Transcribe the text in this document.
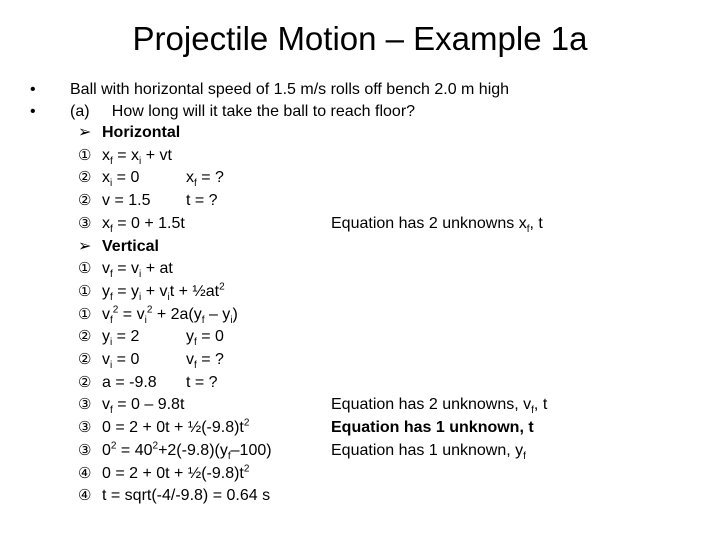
Projectile Motion – Example 1a
• Ball with horizontal speed of 1.5 m/s rolls off bench 2.0 m high
• (a)     How long will it take the ball to reach floor?
➢ Horizontal
① $x_f = x_i$ + vt
② $x_i = 0$	$x_f$ = ?
② v = 1.5 t = ?
③ $x_f = 0 + 1.5t$	Equation has 2 unknowns $x_f$, t
➢ Vertical
① $v_f = v_i$ + at
① $y_f = y_i + v_it$ + $\frac{1}{2}at^2$
① $v_f^2 = v_i^2 + 2a(y_f - y_i)$
② $y_i = 2$	$y_f = 0$
② $v_i = 0$	$v_f$ = ?
② a = -9.8 t = ?
③ $v_f = 0 - 9.8t$	Equation has 2 unknowns, $v_f$, t
③ $0 = 2 + 0t + \frac{1}{2}(-9.8)t^2$	Equation has 1 unknown, t
③ $0^2 = 40^2+2(-9.8)(y_f-100)$	Equation has 1 unknown, $y_f$
④ $0 = 2 + 0t + \frac{1}{2}(-9.8)t^2$
④ t = sqrt(-4/-9.8) = 0.64 s
